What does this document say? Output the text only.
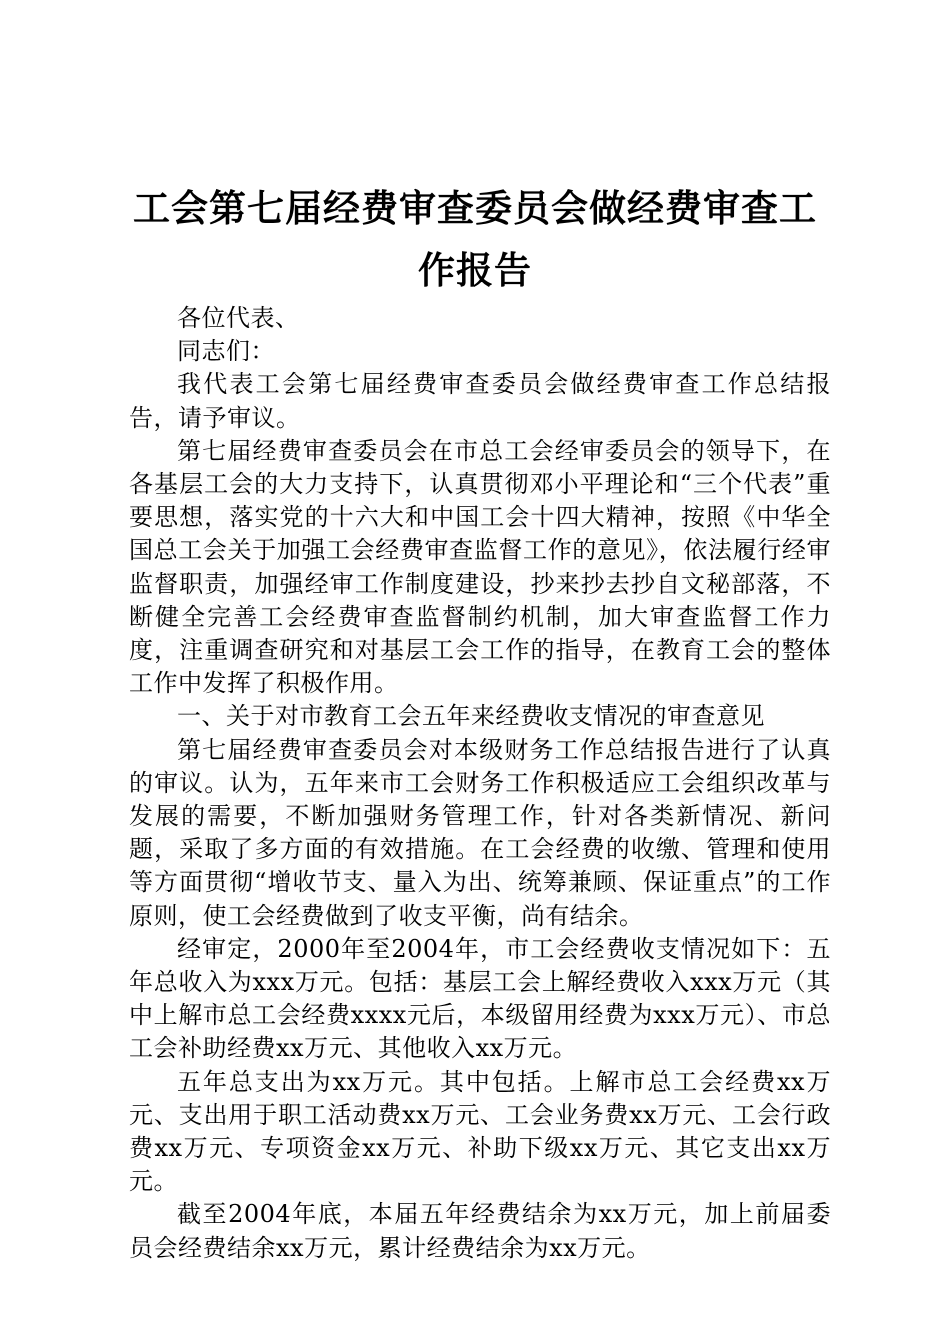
工会第七届经费审查委员会做经费审查工作报告

各位代表、

同志们：

我代表工会第七届经费审查委员会做经费审查工作总结报告，请予审议。

第七届经费审查委员会在市总工会经审委员会的领导下，在各基层工会的大力支持下，认真贯彻邓小平理论和“三个代表”重要思想，落实党的十六大和中国工会十四大精神，按照《中华全国总工会关于加强工会经费审查监督工作的意见》，依法履行经审监督职责，加强经审工作制度建设，抄来抄去抄自文秘部落，不断健全完善工会经费审查监督制约机制，加大审查监督工作力度，注重调查研究和对基层工会工作的指导，在教育工会的整体工作中发挥了积极作用。

一、关于对市教育工会五年来经费收支情况的审查意见

第七届经费审查委员会对本级财务工作总结报告进行了认真的审议。认为，五年来市工会财务工作积极适应工会组织改革与发展的需要，不断加强财务管理工作，针对各类新情况、新问题，采取了多方面的有效措施。在工会经费的收缴、管理和使用等方面贯彻“增收节支、量入为出、统筹兼顾、保证重点”的工作原则，使工会经费做到了收支平衡，尚有结余。

经审定，2000年至2004年，市工会经费收支情况如下：五年总收入为xxx万元。包括：基层工会上解经费收入xxx万元（其中上解市总工会经费xxxx元后，本级留用经费为xxx万元）、市总工会补助经费xx万元、其他收入xx万元。

五年总支出为xx万元。其中包括。上解市总工会经费xx万元、支出用于职工活动费xx万元、工会业务费xx万元、工会行政费xx万元、专项资金xx万元、补助下级xx万元、其它支出xx万元。

截至2004年底，本届五年经费结余为xx万元，加上前届委员会经费结余xx万元，累计经费结余为xx万元。
